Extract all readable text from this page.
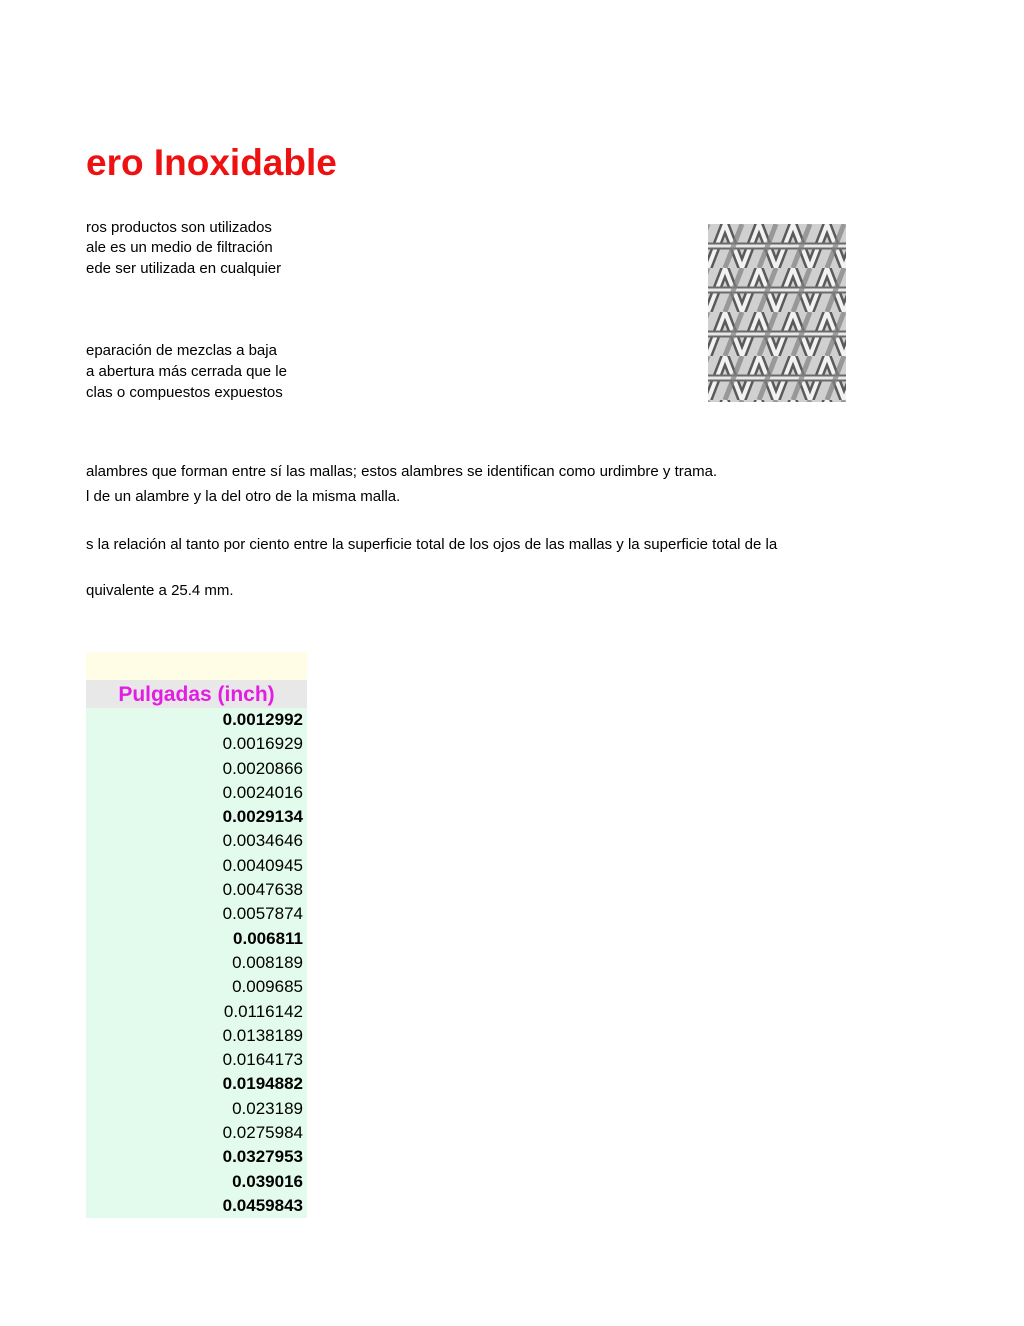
ero Inoxidable
ros productos son utilizados
ale es un medio de filtración
ede ser utilizada en cualquier
eparación de mezclas a baja
a abertura más cerrada que le
clas o compuestos expuestos
alambres que forman entre sí las mallas; estos alambres se identifican como urdimbre y trama.
l de un alambre y la del otro de la misma malla.
s la relación al tanto por ciento entre la superficie total de los ojos de las mallas y la superficie total de la
quivalente a 25.4 mm.
Pulgadas (inch)
0.0012992
0.0016929
0.0020866
0.0024016
0.0029134
0.0034646
0.0040945
0.0047638
0.0057874
0.006811
0.008189
0.009685
0.0116142
0.0138189
0.0164173
0.0194882
0.023189
0.0275984
0.0327953
0.039016
0.0459843
